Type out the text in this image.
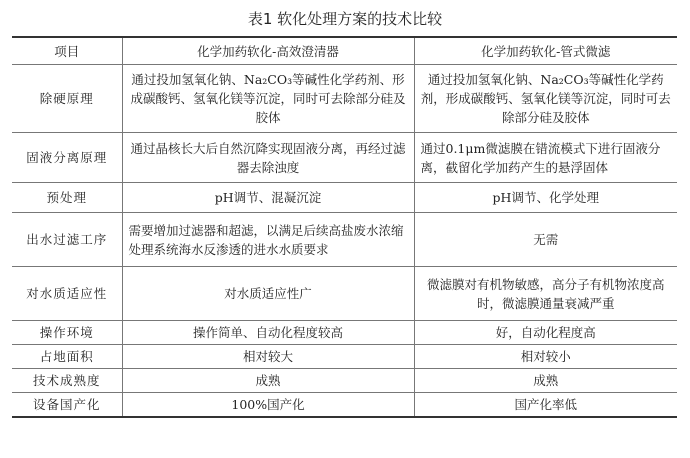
表1 软化处理方案的技术比较
项目	化学加药软化-高效澄清器	化学加药软化-管式微滤
除硬原理	通过投加氢氧化钠、Na₂CO₃等碱性化学药剂、形成碳酸钙、氢氧化镁等沉淀，同时可去除部分硅及胶体	通过投加氢氧化钠、Na₂CO₃等碱性化学药剂，形成碳酸钙、氢氧化镁等沉淀，同时可去除部分硅及胶体
固液分离原理	通过晶核长大后自然沉降实现固液分离，再经过滤器去除浊度	通过0.1μm微滤膜在错流模式下进行固液分离，截留化学加药产生的悬浮固体
预处理	pH调节、混凝沉淀	pH调节、化学处理
出水过滤工序	需要增加过滤器和超滤，以满足后续高盐废水浓缩处理系统海水反渗透的进水水质要求	无需
对水质适应性	对水质适应性广	微滤膜对有机物敏感，高分子有机物浓度高时，微滤膜通量衰减严重
操作环境	操作简单、自动化程度较高	好，自动化程度高
占地面积	相对较大	相对较小
技术成熟度	成熟	成熟
设备国产化	100%国产化	国产化率低
